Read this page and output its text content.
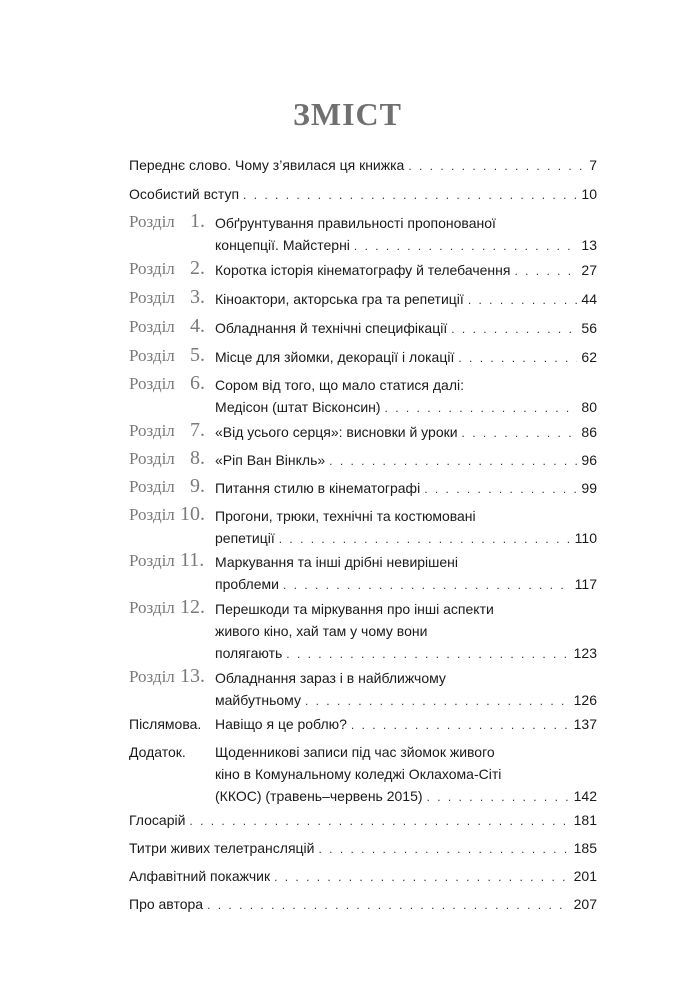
ЗМІСТ
Переднє слово. Чому з’явилася ця книжка . . .	7
Особистий вступ . . .	10
Розділ 1. Обґрунтування правильності пропонованої
концепції. Майстерні . . .	13
Розділ 2. Коротка історія кінематографу й телебачення . . .	27
Розділ 3. Кіноактори, акторська гра та репетиції . . .	44
Розділ 4. Обладнання й технічні специфікації . . .	56
Розділ 5. Місце для зйомки, декорації і локації . . .	62
Розділ 6. Сором від того, що мало статися далі:
Медісон (штат Вісконсин) . . .	80
Розділ 7. «Від усього серця»: висновки й уроки . . .	86
Розділ 8. «Ріп Ван Вінкль» . . .	96
Розділ 9. Питання стилю в кінематографі . . .	99
Розділ 10. Прогони, трюки, технічні та костюмовані
репетиції . . .	110
Розділ 11. Маркування та інші дрібні невирішені
проблеми . . .	117
Розділ 12. Перешкоди та міркування про інші аспекти
живого кіно, хай там у чому вони
полягають . . .	123
Розділ 13. Обладнання зараз і в найближчому
майбутньому . . .	126
Післямова. Навіщо я це роблю? . . .	137
Додаток. Щоденникові записи під час зйомок живого
кіно в Комунальному коледжі Оклахома-Сіті
(ККОС) (травень–червень 2015) . . .	142
Глосарій . . .	181
Титри живих телетрансляцій . . .	185
Алфавітний покажчик . . .	201
Про автора . . .	207
